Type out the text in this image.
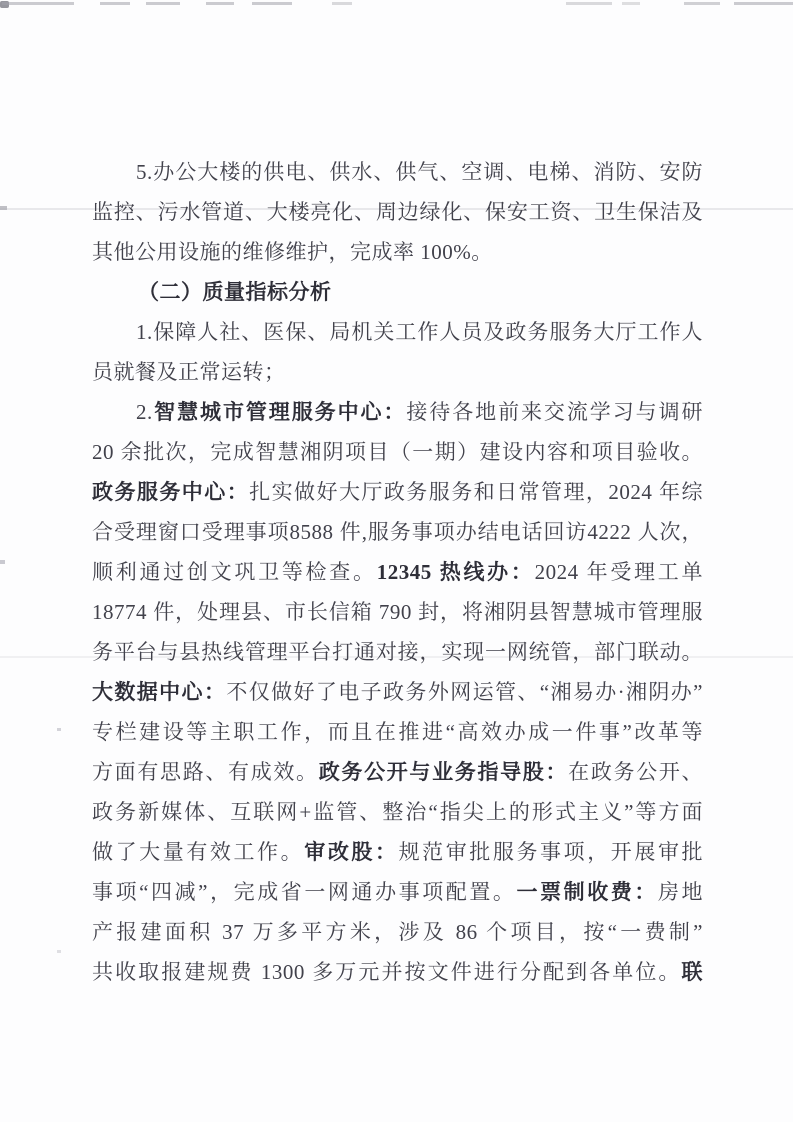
5.办公大楼的供电、供水、供气、空调、电梯、消防、安防
监控、污水管道、大楼亮化、周边绿化、保安工资、卫生保洁及
其他公用设施的维修维护，完成率 100%。
（二）质量指标分析
1.保障人社、医保、局机关工作人员及政务服务大厅工作人
员就餐及正常运转；
2.智慧城市管理服务中心：接待各地前来交流学习与调研
20 余批次，完成智慧湘阴项目（一期）建设内容和项目验收。
政务服务中心：扎实做好大厅政务服务和日常管理，2024 年综
合受理窗口受理事项8588 件,服务事项办结电话回访4222 人次，
顺利通过创文巩卫等检查。12345 热线办：2024 年受理工单
18774 件，处理县、市长信箱 790 封，将湘阴县智慧城市管理服
务平台与县热线管理平台打通对接，实现一网统管，部门联动。
大数据中心：不仅做好了电子政务外网运管、“湘易办·湘阴办”
专栏建设等主职工作，而且在推进“高效办成一件事”改革等
方面有思路、有成效。政务公开与业务指导股：在政务公开、
政务新媒体、互联网+监管、整治“指尖上的形式主义”等方面
做了大量有效工作。审改股：规范审批服务事项，开展审批
事项“四减”，完成省一网通办事项配置。一票制收费：房地
产报建面积 37 万多平方米，涉及 86 个项目，按“一费制”
共收取报建规费 1300 多万元并按文件进行分配到各单位。联
